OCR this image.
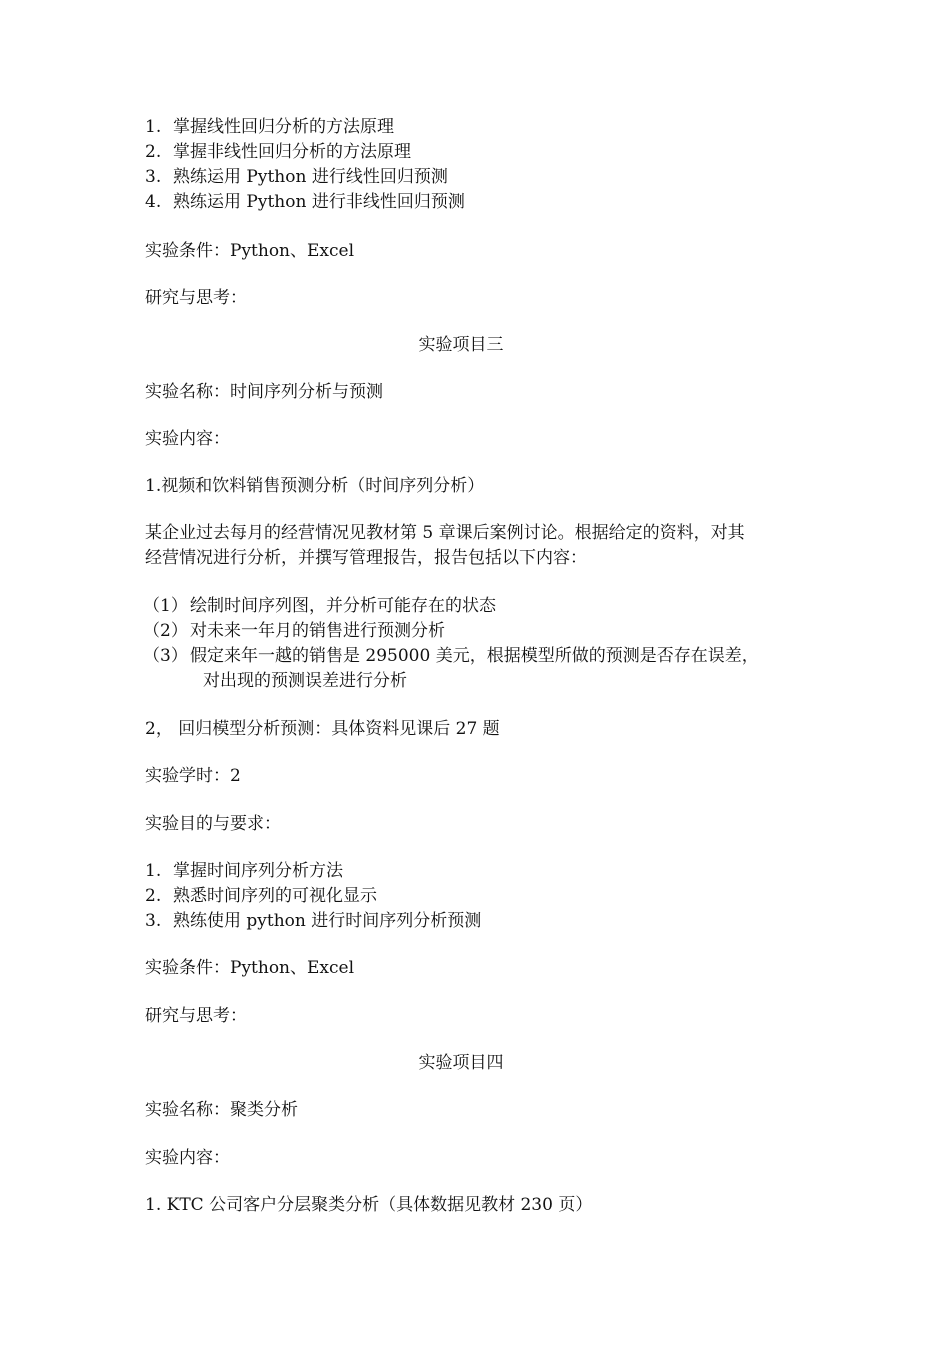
1. 掌握线性回归分析的方法原理

2. 掌握非线性回归分析的方法原理

3. 熟练运用 Python 进行线性回归预测

4. 熟练运用 Python 进行非线性回归预测

实验条件：Python、Excel

研究与思考：

实验项目三

实验名称：时间序列分析与预测

实验内容：

1.视频和饮料销售预测分析（时间序列分析）

某企业过去每月的经营情况见教材第 5 章课后案例讨论。根据给定的资料，对其

经营情况进行分析，并撰写管理报告，报告包括以下内容：

（1） 绘制时间序列图，并分析可能存在的状态

（2） 对未来一年月的销售进行预测分析

（3） 假定来年一越的销售是 295000 美元，根据模型所做的预测是否存在误差，

对出现的预测误差进行分析

2， 回归模型分析预测：具体资料见课后 27 题

实验学时：2

实验目的与要求：

1. 掌握时间序列分析方法

2. 熟悉时间序列的可视化显示

3. 熟练使用 python 进行时间序列分析预测

实验条件：Python、Excel

研究与思考：

实验项目四

实验名称：聚类分析

实验内容：

1. KTC 公司客户分层聚类分析（具体数据见教材 230 页）
